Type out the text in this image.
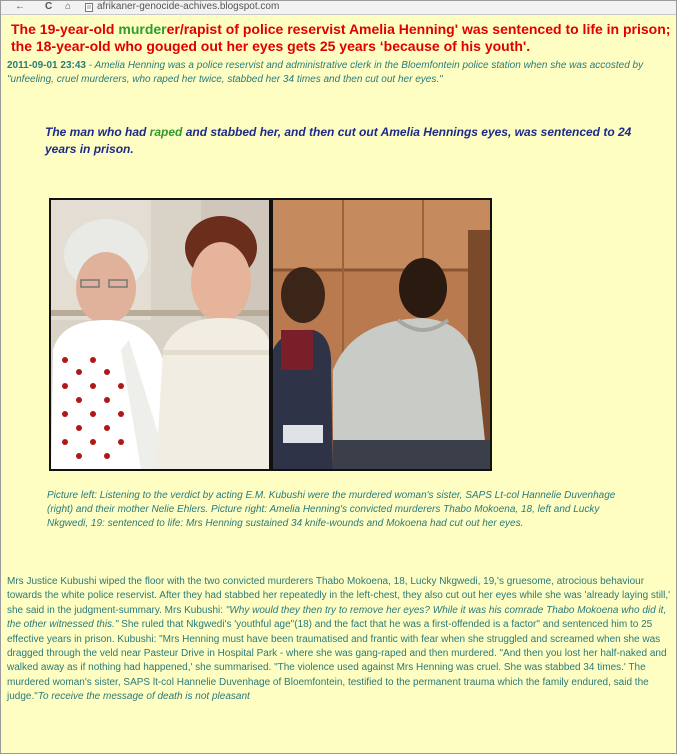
← C ⌂	afrikaner-genocide-achives.blogspot.com

The 19-year-old murderer/rapist of police reservist Amelia Henning' was sentenced to life in prison; the 18-year-old who gouged out her eyes gets 25 years ‘because of his youth'.

2011-09-01 23:43 - Amelia Henning was a police reservist and administrative clerk in the Bloemfontein police station when she was accosted by "unfeeling, cruel murderers, who raped her twice, stabbed her 34 times and then cut out her eyes."

The man who had raped and stabbed her, and then cut out Amelia Hennings eyes, was sentenced to 24 years in prison.

Picture left: Listening to the verdict by acting E.M. Kubushi were the murdered woman's sister, SAPS Lt-col Hannelie Duvenhage (right) and their mother Nelie Ehlers. Picture right: Amelia Henning's convicted murderers Thabo Mokoena, 18, left and Lucky Nkgwedi, 19: sentenced to life: Mrs Henning sustained 34 knife-wounds and Mokoena had cut out her eyes.

Mrs Justice Kubushi wiped the floor with the two convicted murderers Thabo Mokoena, 18, Lucky Nkgwedi, 19,'s gruesome, atrocious behaviour towards the white police reservist. After they had stabbed her repeatedly in the left-chest, they also cut out her eyes while she was 'already laying still,' she said in the judgment-summary. Mrs Kubushi: "Why would they then try to remove her eyes? While it was his comrade Thabo Mokoena who did it, the other witnessed this." She ruled that Nkgwedi's 'youthful age"(18) and the fact that he was a first-offended is a factor" and sentenced him to 25 effective years in prison. Kubushi: "Mrs Henning must have been traumatised and frantic with fear when she struggled and screamed when she was dragged through the veld near Pasteur Drive in Hospital Park - where she was gang-raped and then murdered. "And then you lost her half-naked and walked away as if nothing had happened,' she summarised. "The violence used against Mrs Henning was cruel. She was stabbed 34 times.' The murdered woman's sister, SAPS lt-col Hannelie Duvenhage of Bloemfontein, testified to the permanent trauma which the family endured, said the judge."To receive the message of death is not pleasant
